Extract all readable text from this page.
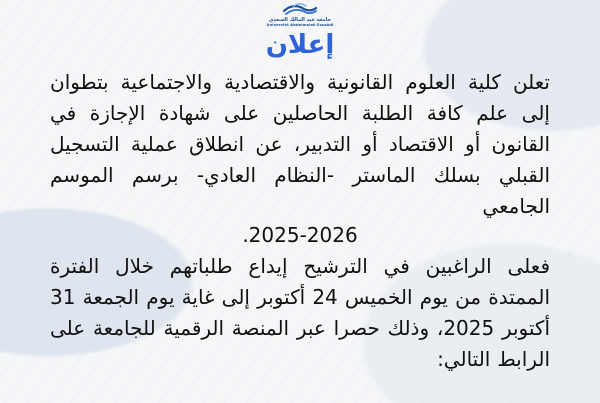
جامعة عبد المالك السعدي
Université Abdelmalek Essaâdi
إعلان
تعلن كلية العلوم القانونية والاقتصادية والاجتماعية بتطوان إلى علم كافة الطلبة الحاصلين على شهادة الإجازة في القانون أو الاقتصاد أو التدبير، عن انطلاق عملية التسجيل القبلي بسلك الماستر -النظام العادي- برسم الموسم الجامعي
2025-2026.
فعلى الراغبين في الترشيح إيداع طلباتهم خلال الفترة الممتدة من يوم الخميس 24 أكتوبر إلى غاية يوم الجمعة 31 أكتوبر 2025، وذلك حصرا عبر المنصة الرقمية للجامعة على الرابط التالي:
